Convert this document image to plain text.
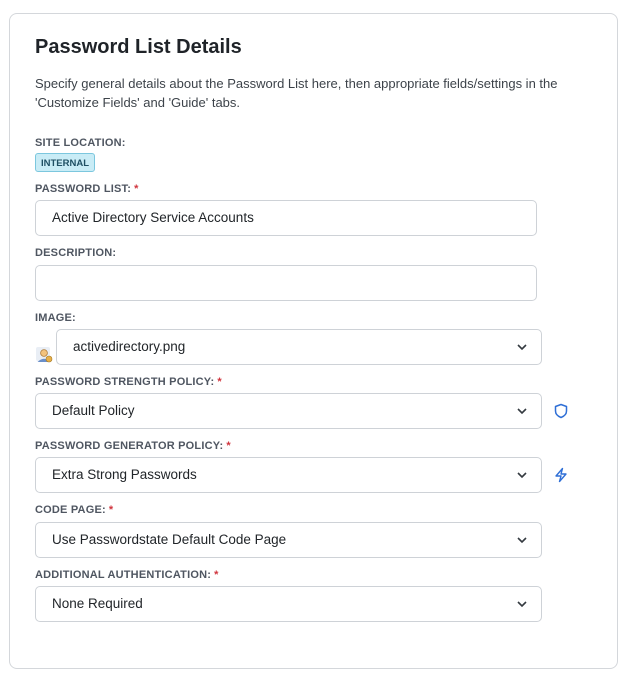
Password List Details

Specify general details about the Password List here, then appropriate fields/settings in the 'Customize Fields' and 'Guide' tabs.

SITE LOCATION:
INTERNAL
PASSWORD LIST: *
Active Directory Service Accounts
DESCRIPTION:
IMAGE:
activedirectory.png
PASSWORD STRENGTH POLICY: *
Default Policy
PASSWORD GENERATOR POLICY: *
Extra Strong Passwords
CODE PAGE: *
Use Passwordstate Default Code Page
ADDITIONAL AUTHENTICATION: *
None Required
